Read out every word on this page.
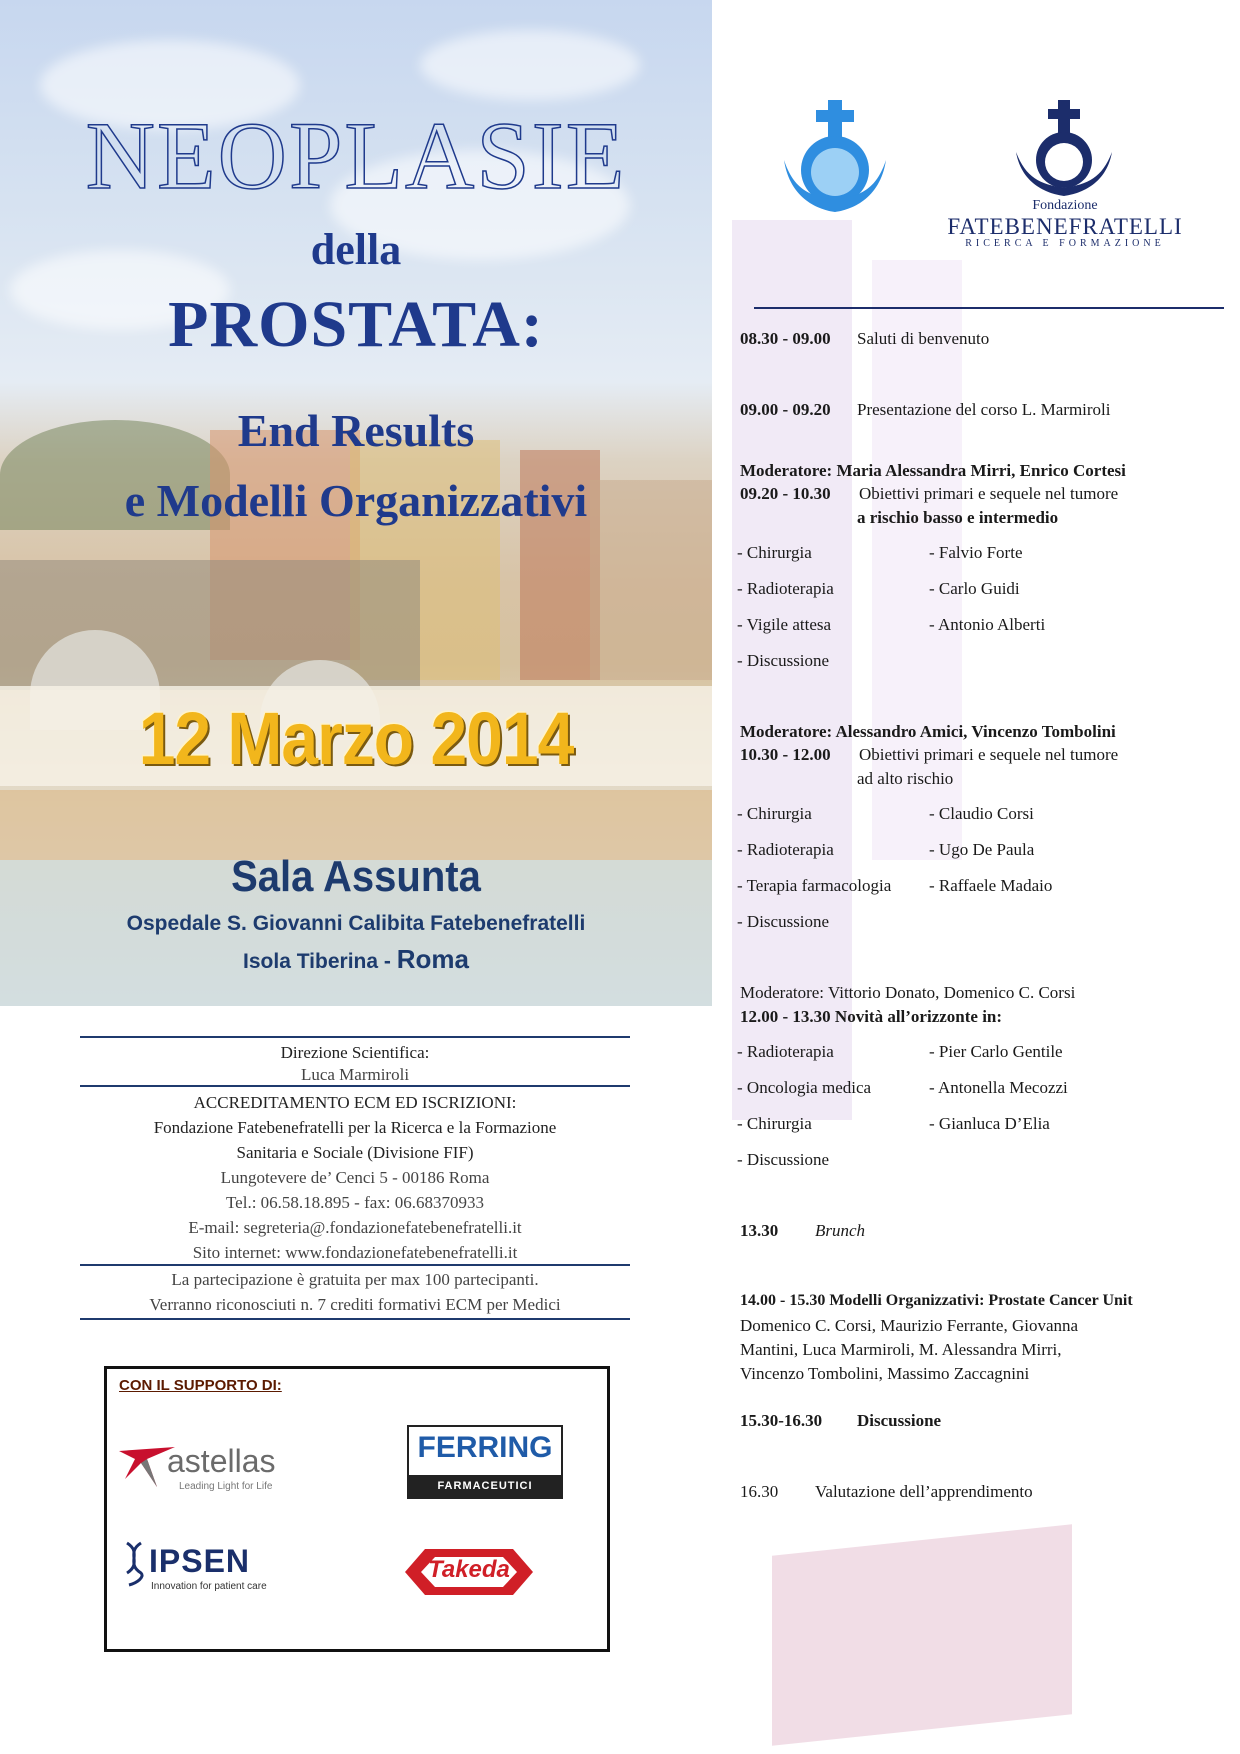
NEOPLASIE
della
PROSTATA:
End Results
e Modelli Organizzativi
12 Marzo 2014
Sala Assunta
Ospedale S. Giovanni Calibita Fatebenefratelli
Isola Tiberina - Roma
Direzione Scientifica:
Luca Marmiroli
ACCREDITAMENTO ECM ED ISCRIZIONI:
Fondazione Fatebenefratelli per la Ricerca e la Formazione
Sanitaria e Sociale (Divisione FIF)
Lungotevere de’ Cenci 5 - 00186 Roma
Tel.: 06.58.18.895 - fax: 06.68370933
E-mail: segreteria@.fondazionefatebenefratelli.it
Sito internet: www.fondazionefatebenefratelli.it
La partecipazione è gratuita per max 100 partecipanti.
Verranno riconosciuti n. 7 crediti formativi ECM per Medici
CON IL SUPPORTO DI:
astellas
Leading Light for Life
FERRING
FARMACEUTICI
IPSEN
Innovation for patient care
Takeda
Fondazione
FATEBENEFRATELLI
RICERCA E FORMAZIONE
08.30 - 09.00 Saluti di benvenuto
09.00 - 09.20 Presentazione del corso L. Marmiroli
Moderatore: Maria Alessandra Mirri, Enrico Cortesi
09.20 - 10.30 Obiettivi primari e sequele nel tumore
a rischio basso e intermedio
- Chirurgia	- Falvio Forte
- Radioterapia	- Carlo Guidi
- Vigile attesa	- Antonio Alberti
- Discussione
Moderatore: Alessandro Amici, Vincenzo Tombolini
10.30 - 12.00 Obiettivi primari e sequele nel tumore
ad alto rischio
- Chirurgia	- Claudio Corsi
- Radioterapia	- Ugo De Paula
- Terapia farmacologia - Raffaele Madaio
- Discussione
Moderatore: Vittorio Donato, Domenico C. Corsi
12.00 - 13.30 Novità all’orizzonte in:
- Radioterapia	- Pier Carlo Gentile
- Oncologia medica	- Antonella Mecozzi
- Chirurgia	- Gianluca D’Elia
- Discussione
13.30 Brunch
14.00 - 15.30 Modelli Organizzativi: Prostate Cancer Unit
Domenico C. Corsi, Maurizio Ferrante, Giovanna
Mantini, Luca Marmiroli, M. Alessandra Mirri,
Vincenzo Tombolini, Massimo Zaccagnini
15.30-16.30 Discussione
16.30 Valutazione dell’apprendimento
